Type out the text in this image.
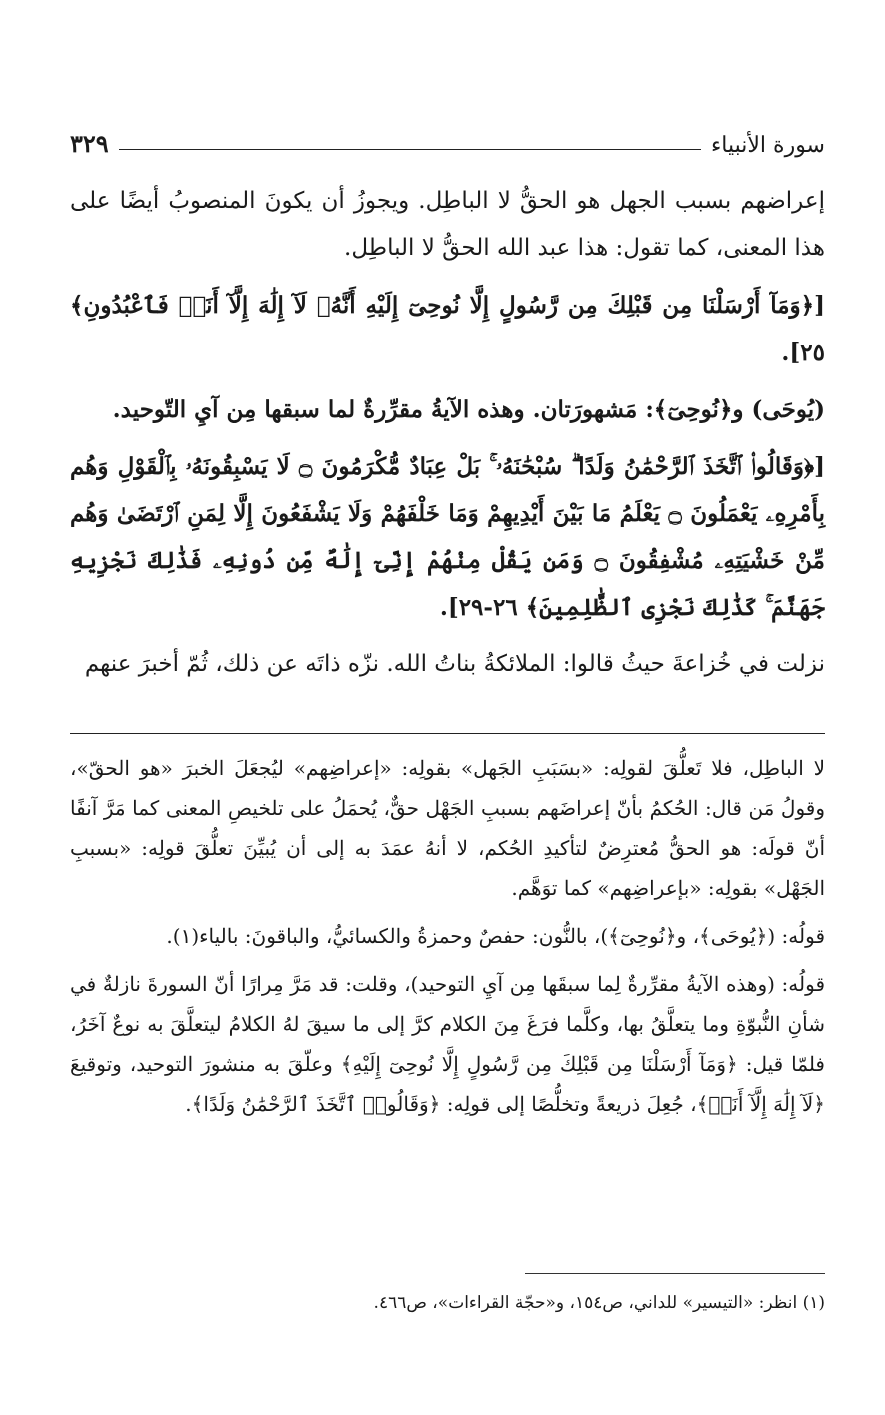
سورة الأنبياء
٣٢٩

إعراضهم بسبب الجهل هو الحقُّ لا الباطِل. ويجوزُ أن يكونَ المنصوبُ أيضًا على هذا المعنى، كما تقول: هذا عبد الله الحقُّ لا الباطِل.

[﴿وَمَآ أَرْسَلْنَا مِن قَبْلِكَ مِن رَّسُولٍ إِلَّا نُوحِىٓ إِلَيْهِ أَنَّهُۥ لَآ إِلَٰهَ إِلَّآ أَنَا۠ فَٱعْبُدُونِ﴾ ٢٥].

(يُوحَى) و﴿نُوحِىٓ﴾: مَشهورَتان. وهذه الآيةُ مقرِّرةٌ لما سبقها مِن آيِ التّوحيد.

[﴿وَقَالُوا۟ ٱتَّخَذَ ٱلرَّحْمَٰنُ وَلَدًا ۗ سُبْحَٰنَهُۥ ۚ بَلْ عِبَادٌ مُّكْرَمُونَ ۝ لَا يَسْبِقُونَهُۥ بِٱلْقَوْلِ وَهُم بِأَمْرِهِۦ يَعْمَلُونَ ۝ يَعْلَمُ مَا بَيْنَ أَيْدِيهِمْ وَمَا خَلْفَهُمْ وَلَا يَشْفَعُونَ إِلَّا لِمَنِ ٱرْتَضَىٰ وَهُم مِّنْ خَشْيَتِهِۦ مُشْفِقُونَ ۝ وَمَن يَقُلْ مِنْهُمْ إِنِّىٓ إِلَٰهٌ مِّن دُونِهِۦ فَذَٰلِكَ نَجْزِيهِ جَهَنَّمَ ۚ كَذَٰلِكَ نَجْزِى ٱلظَّٰلِمِينَ﴾ ٢٦-٢٩].

نزلت في خُزاعةَ حيثُ قالوا: الملائكةُ بناتُ الله. نزّه ذاتَه عن ذلك، ثُمّ أخبرَ عنهم

لا الباطِل، فلا تَعلُّقَ لقولِه: «بسَبَبِ الجَهل» بقولِه: «إعراضِهم» ليُجعَلَ الخبرَ «هو الحقّ»، وقولُ مَن قال: الحُكمُ بأنّ إعراضَهم بسببِ الجَهْل حقٌّ، يُحمَلُ على تلخيصِ المعنى كما مَرَّ آنفًا أنّ قولَه: هو الحقُّ مُعترِضٌ لتأكيدِ الحُكم، لا أنهُ عمَدَ به إلى أن يُبيِّنَ تعلُّقَ قولِه: «بسببِ الجَهْل» بقولِه: «بإعراضِهم» كما توَهَّم.

قولُه: (﴿يُوحَى﴾، و﴿نُوحِىٓ﴾)، بالنُّون: حفصٌ وحمزةُ والكسائيُّ، والباقونَ: بالياء(١).

قولُه: (وهذه الآيةُ مقرِّرةٌ لِما سبقَها مِن آيِ التوحيد)، وقلت: قد مَرَّ مِرارًا أنّ السورةَ نازلةٌ في شأنِ النُّبوّةِ وما يتعلَّقُ بها، وكلَّما فرَغَ مِنَ الكلام كرَّ إلى ما سيقَ لهُ الكلامُ ليتعلَّقَ به نوعٌ آخَرُ، فلمّا قيل: ﴿وَمَآ أَرْسَلْنَا مِن قَبْلِكَ مِن رَّسُولٍ إِلَّا نُوحِىٓ إِلَيْهِ﴾ وعلّقَ به منشورَ التوحيد، وتوقيعَ ﴿لَآ إِلَٰهَ إِلَّآ أَنَا۠﴾، جُعِلَ ذريعةً وتخلُّصًا إلى قولِه: ﴿وَقَالُوا۟ ٱتَّخَذَ ٱلرَّحْمَٰنُ وَلَدًا﴾.

(١) انظر: «التيسير» للداني، ص١٥٤، و«حجّة القراءات»، ص٤٦٦.
